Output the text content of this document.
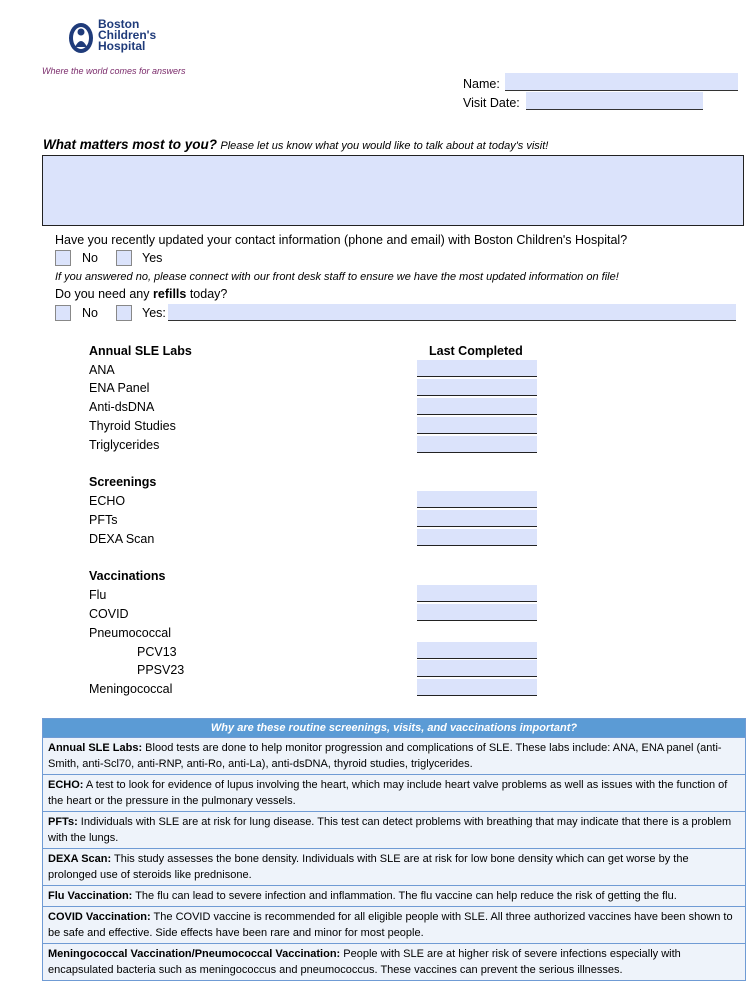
Boston
Children's
Hospital
Where the world comes for answers
Name:
Visit Date:
What matters most to you? Please let us know what you would like to talk about at today's visit!
Have you recently updated your contact information (phone and email) with Boston Children's Hospital?
No	Yes
If you answered no, please connect with our front desk staff to ensure we have the most updated information on file!
Do you need any refills today?
No	Yes:
Last Completed
Annual SLE Labs
ANA
ENA Panel
Anti-dsDNA
Thyroid Studies
Triglycerides
Screenings
ECHO
PFTs
DEXA Scan
Vaccinations
Flu
COVID
Pneumococcal
PCV13
PPSV23
Meningococcal
Why are these routine screenings, visits, and vaccinations important?
Annual SLE Labs: Blood tests are done to help monitor progression and complications of SLE. These labs include: ANA, ENA panel (anti-Smith, anti-Scl70, anti-RNP, anti-Ro, anti-La), anti-dsDNA, thyroid studies, triglycerides.
ECHO: A test to look for evidence of lupus involving the heart, which may include heart valve problems as well as issues with the function of the heart or the pressure in the pulmonary vessels.
PFTs: Individuals with SLE are at risk for lung disease. This test can detect problems with breathing that may indicate that there is a problem with the lungs.
DEXA Scan: This study assesses the bone density. Individuals with SLE are at risk for low bone density which can get worse by the prolonged use of steroids like prednisone.
Flu Vaccination: The flu can lead to severe infection and inflammation. The flu vaccine can help reduce the risk of getting the flu.
COVID Vaccination: The COVID vaccine is recommended for all eligible people with SLE. All three authorized vaccines have been shown to be safe and effective. Side effects have been rare and minor for most people.
Meningococcal Vaccination/Pneumococcal Vaccination: People with SLE are at higher risk of severe infections especially with encapsulated bacteria such as meningococcus and pneumococcus. These vaccines can prevent the serious illnesses.
